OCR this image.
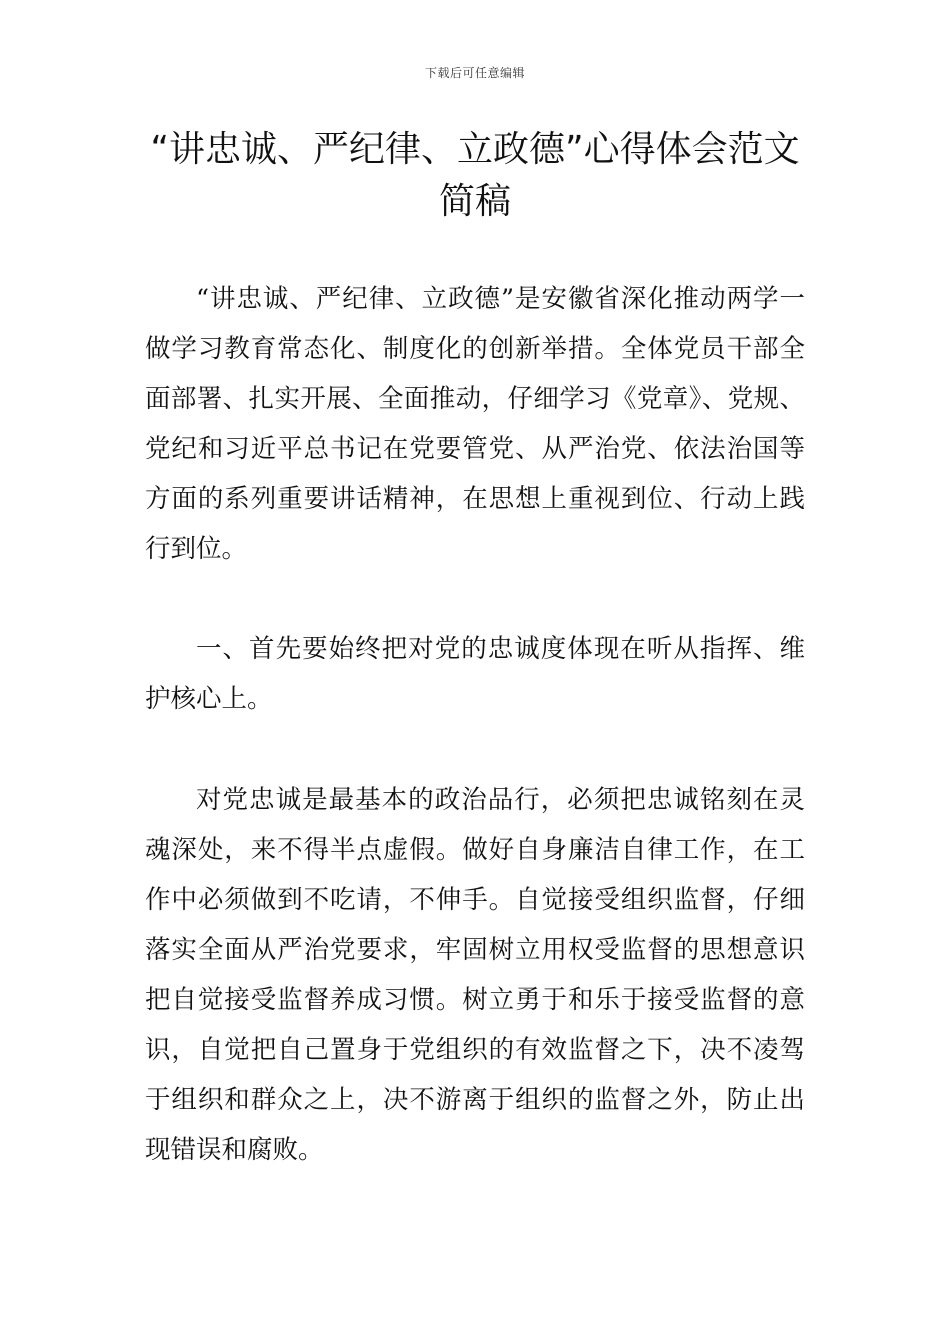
下载后可任意编辑
“讲忠诚、严纪律、立政德”心得体会范文简稿

“讲忠诚、严纪律、立政德”是安徽省深化推动两学一做学习教育常态化、制度化的创新举措。全体党员干部全面部署、扎实开展、全面推动，仔细学习《党章》、党规、党纪和习近平总书记在党要管党、从严治党、依法治国等方面的系列重要讲话精神，在思想上重视到位、行动上践行到位。

一、首先要始终把对党的忠诚度体现在听从指挥、维护核心上。

对党忠诚是最基本的政治品行，必须把忠诚铭刻在灵魂深处，来不得半点虚假。做好自身廉洁自律工作，在工作中必须做到不吃请，不伸手。自觉接受组织监督，仔细落实全面从严治党要求，牢固树立用权受监督的思想意识把自觉接受监督养成习惯。树立勇于和乐于接受监督的意识，自觉把自己置身于党组织的有效监督之下，决不凌驾于组织和群众之上，决不游离于组织的监督之外，防止出现错误和腐败。
